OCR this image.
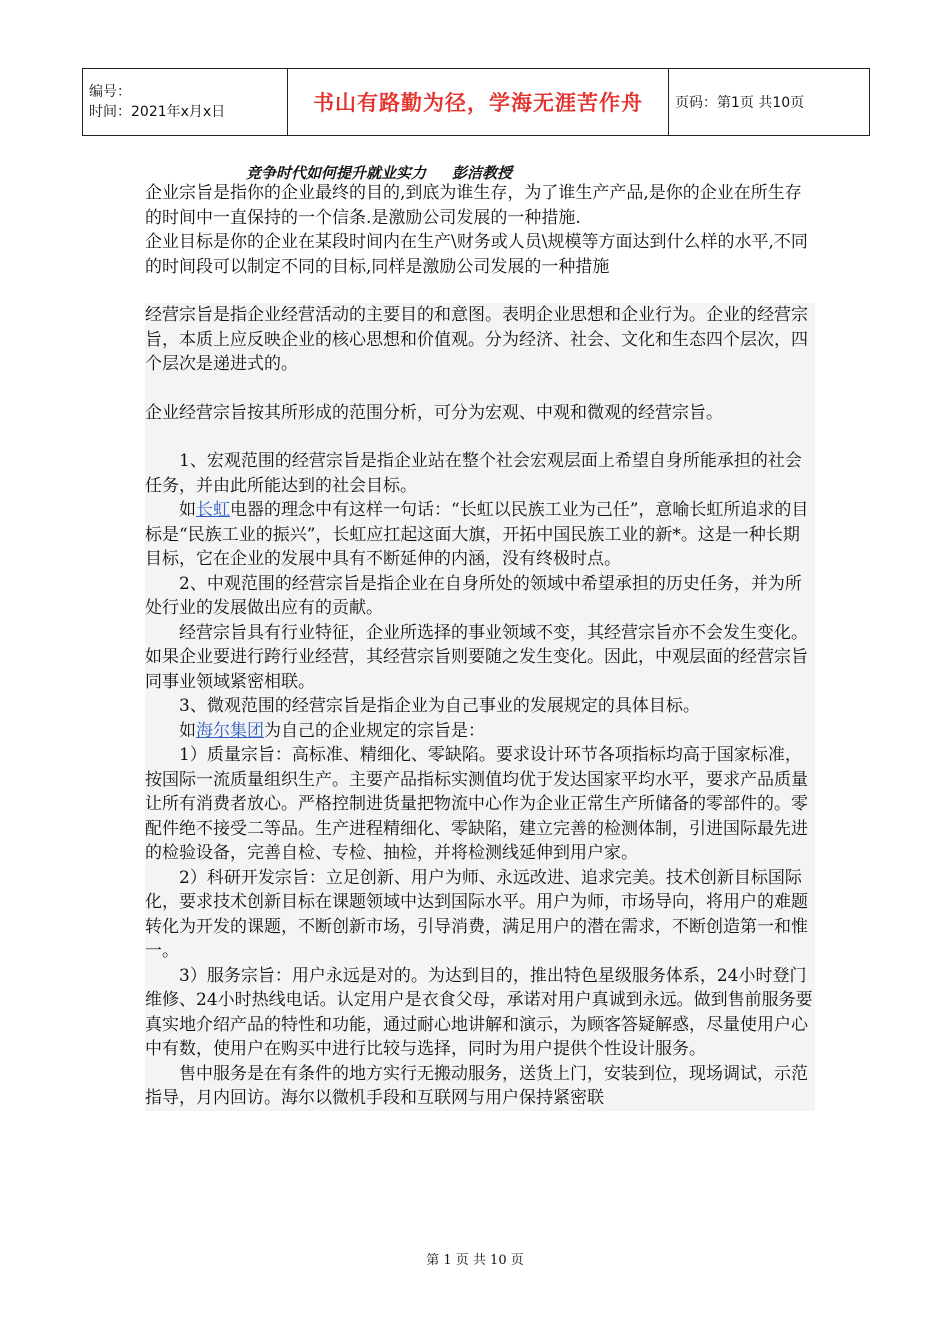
编号：
时间：2021年x月x日	书山有路勤为径，学海无涯苦作舟	页码：第1页 共10页
竞争时代如何提升就业实力 彭洁教授

企业宗旨是指你的企业最终的目的,到底为谁生存，为了谁生产产品,是你的企业在所生存的时间中一直保持的一个信条.是激励公司发展的一种措施.

企业目标是你的企业在某段时间内在生产\财务或人员\规模等方面达到什么样的水平,不同的时间段可以制定不同的目标,同样是激励公司发展的一种措施

经营宗旨是指企业经营活动的主要目的和意图。表明企业思想和企业行为。企业的经营宗旨，本质上应反映企业的核心思想和价值观。分为经济、社会、文化和生态四个层次，四个层次是递进式的。

企业经营宗旨按其所形成的范围分析，可分为宏观、中观和微观的经营宗旨。

1、宏观范围的经营宗旨是指企业站在整个社会宏观层面上希望自身所能承担的社会任务，并由此所能达到的社会目标。

如长虹电器的理念中有这样一句话：“长虹以民族工业为己任”，意喻长虹所追求的目标是“民族工业的振兴”，长虹应扛起这面大旗，开拓中国民族工业的新*。这是一种长期目标，它在企业的发展中具有不断延伸的内涵，没有终极时点。

2、中观范围的经营宗旨是指企业在自身所处的领域中希望承担的历史任务，并为所处行业的发展做出应有的贡献。

经营宗旨具有行业特征，企业所选择的事业领域不变，其经营宗旨亦不会发生变化。如果企业要进行跨行业经营，其经营宗旨则要随之发生变化。因此，中观层面的经营宗旨同事业领域紧密相联。

3、微观范围的经营宗旨是指企业为自己事业的发展规定的具体目标。

如海尔集团为自己的企业规定的宗旨是：

1）质量宗旨：高标准、精细化、零缺陷。要求设计环节各项指标均高于国家标准，按国际一流质量组织生产。主要产品指标实测值均优于发达国家平均水平，要求产品质量让所有消费者放心。严格控制进货量把物流中心作为企业正常生产所储备的零部件的。零配件绝不接受二等品。生产进程精细化、零缺陷，建立完善的检测体制，引进国际最先进的检验设备，完善自检、专检、抽检，并将检测线延伸到用户家。

2）科研开发宗旨：立足创新、用户为师、永远改进、追求完美。技术创新目标国际化，要求技术创新目标在课题领域中达到国际水平。用户为师，市场导向，将用户的难题转化为开发的课题，不断创新市场，引导消费，满足用户的潜在需求，不断创造第一和惟一。

3）服务宗旨：用户永远是对的。为达到目的，推出特色星级服务体系，24小时登门维修、24小时热线电话。认定用户是衣食父母，承诺对用户真诚到永远。做到售前服务要真实地介绍产品的特性和功能，通过耐心地讲解和演示，为顾客答疑解惑，尽量使用户心中有数，使用户在购买中进行比较与选择，同时为用户提供个性设计服务。

售中服务是在有条件的地方实行无搬动服务，送货上门，安装到位，现场调试，示范指导，月内回访。海尔以微机手段和互联网与用户保持紧密联

第 1 页 共 10 页
